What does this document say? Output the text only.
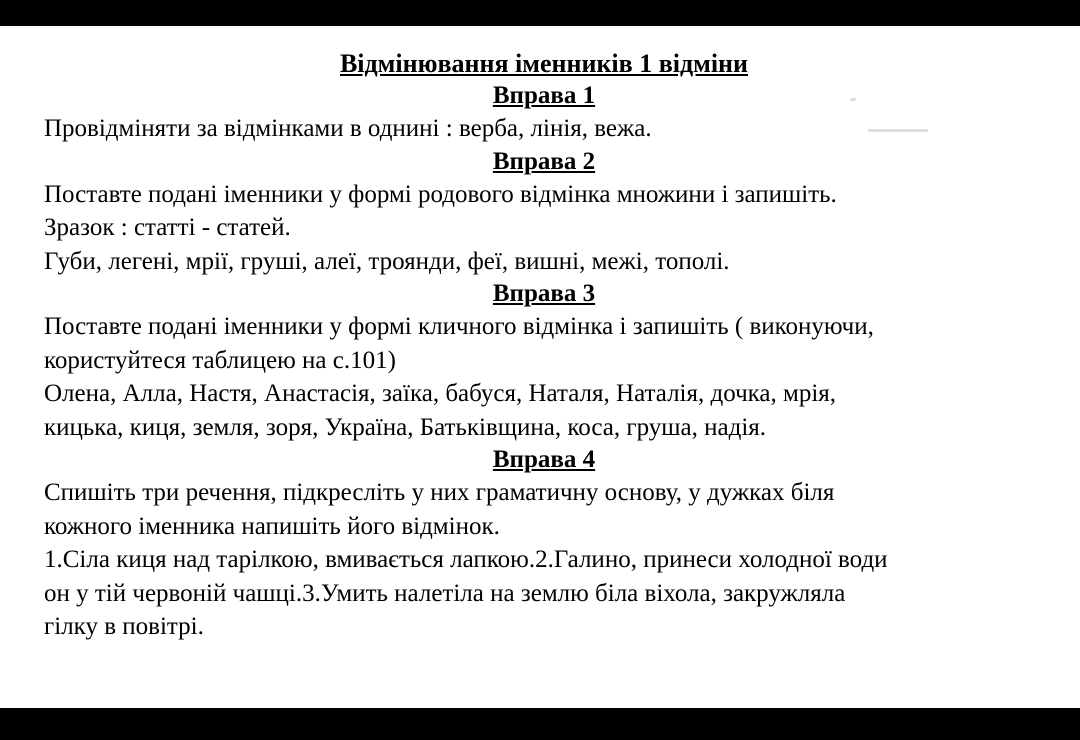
Відмінювання іменників 1 відміни
Вправа 1
Провідміняти за відмінками в однині : верба, лінія, вежа.
Вправа 2
Поставте подані іменники у формі родового відмінка множини і запишіть.
Зразок : статті - статей.
Губи, легені, мрії, груші, алеї, троянди, феї, вишні, межі, тополі.
Вправа 3
Поставте подані іменники у формі кличного відмінка і запишіть ( виконуючи,
користуйтеся таблицею на с.101)
Олена, Алла, Настя, Анастасія, заїка, бабуся, Наталя, Наталія, дочка, мрія,
кицька, киця, земля, зоря, Україна, Батьківщина, коса, груша, надія.
Вправа 4
Спишіть три речення, підкресліть у них граматичну основу, у дужках біля
кожного іменника напишіть його відмінок.
1.Сіла киця над тарілкою, вмивається лапкою.2.Галино, принеси холодної води
он у тій червоній чашці.3.Умить налетіла на землю біла віхола, закружляла
гілку в повітрі.
